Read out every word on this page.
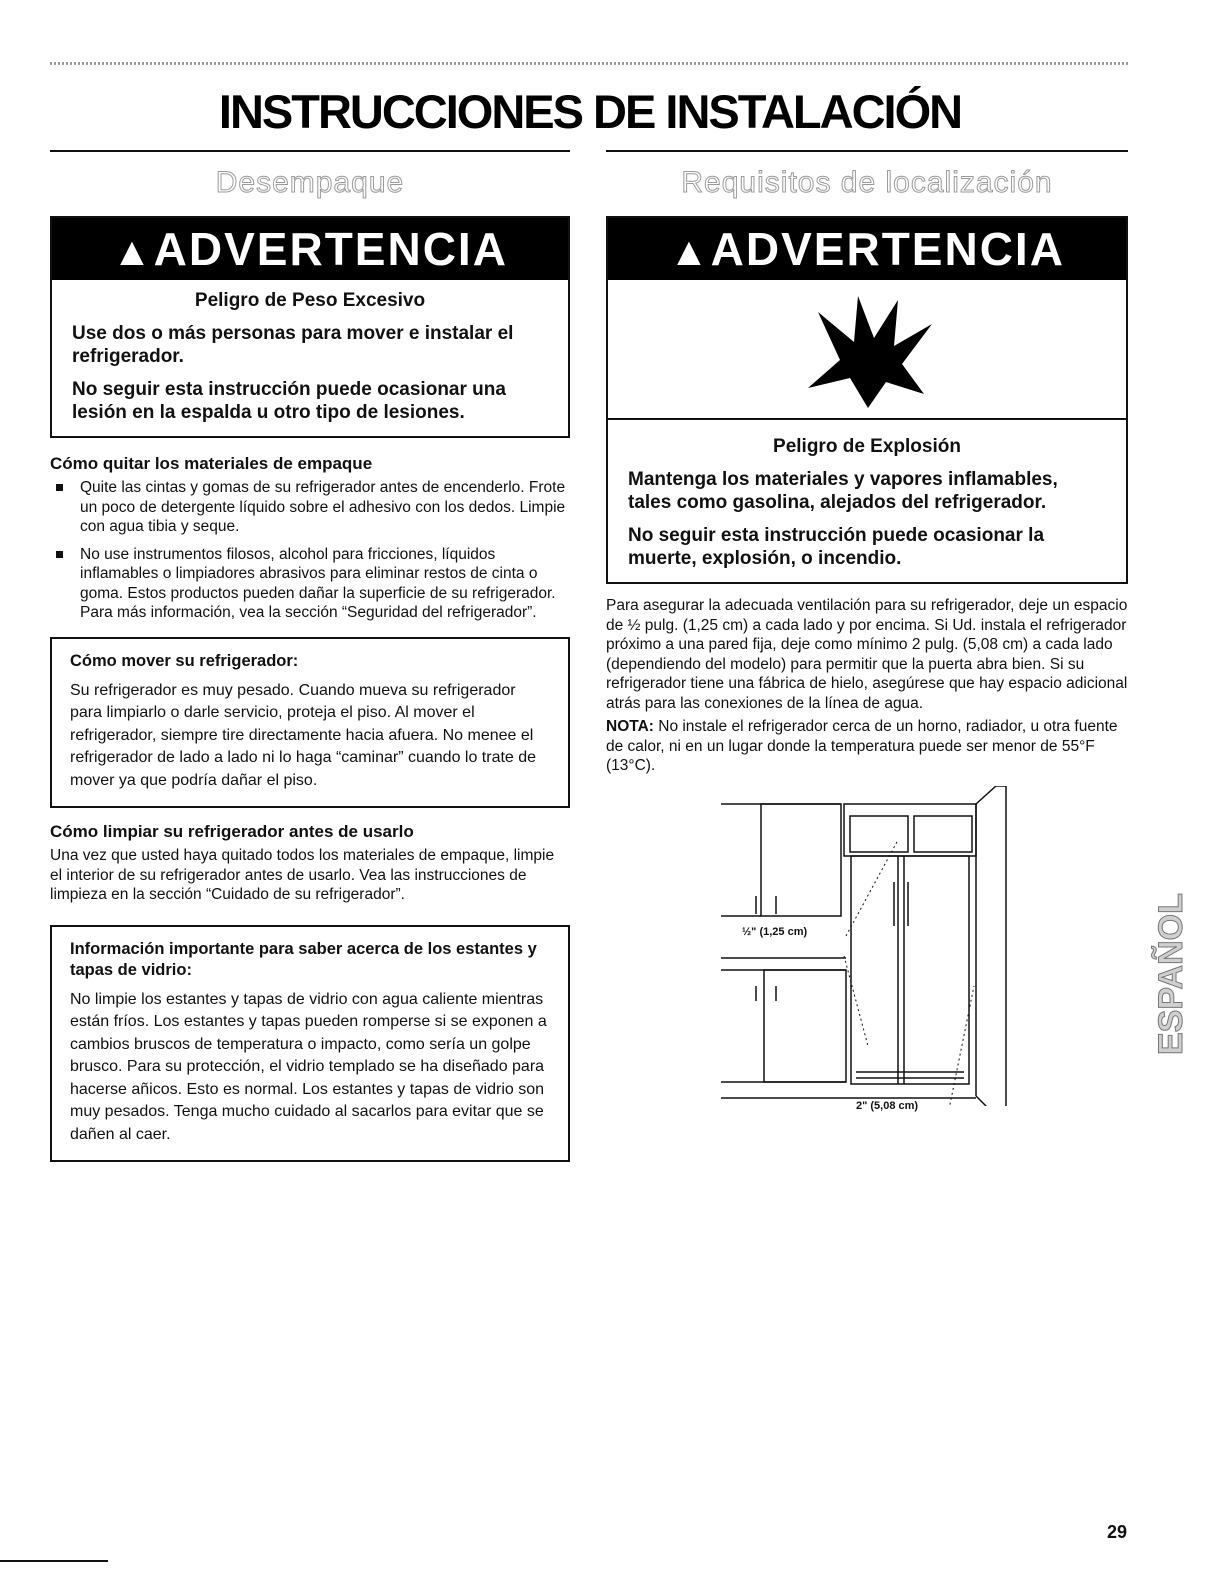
INSTRUCCIONES DE INSTALACIÓN
Desempaque
▲ADVERTENCIA
Peligro de Peso Excesivo
Use dos o más personas para mover e instalar el refrigerador.
No seguir esta instrucción puede ocasionar una lesión en la espalda u otro tipo de lesiones.
Cómo quitar los materiales de empaque
Quite las cintas y gomas de su refrigerador antes de encenderlo. Frote un poco de detergente líquido sobre el adhesivo con los dedos. Limpie con agua tibia y seque.
No use instrumentos filosos, alcohol para fricciones, líquidos inflamables o limpiadores abrasivos para eliminar restos de cinta o goma. Estos productos pueden dañar la superficie de su refrigerador. Para más información, vea la sección “Seguridad del refrigerador”.
Cómo mover su refrigerador:
Su refrigerador es muy pesado. Cuando mueva su refrigerador para limpiarlo o darle servicio, proteja el piso. Al mover el refrigerador, siempre tire directamente hacia afuera. No menee el refrigerador de lado a lado ni lo haga “caminar” cuando lo trate de mover ya que podría dañar el piso.
Cómo limpiar su refrigerador antes de usarlo

Una vez que usted haya quitado todos los materiales de empaque, limpie el interior de su refrigerador antes de usarlo. Vea las instrucciones de limpieza en la sección “Cuidado de su refrigerador”.

Información importante para saber acerca de los estantes y tapas de vidrio:
No limpie los estantes y tapas de vidrio con agua caliente mientras están fríos. Los estantes y tapas pueden romperse si se exponen a cambios bruscos de temperatura o impacto, como sería un golpe brusco. Para su protección, el vidrio templado se ha diseñado para hacerse añicos. Esto es normal. Los estantes y tapas de vidrio son muy pesados. Tenga mucho cuidado al sacarlos para evitar que se dañen al caer.
Requisitos de localización
▲ADVERTENCIA
Peligro de Explosión
Mantenga los materiales y vapores inflamables, tales como gasolina, alejados del refrigerador.
No seguir esta instrucción puede ocasionar la muerte, explosión, o incendio.

Para asegurar la adecuada ventilación para su refrigerador, deje un espacio de ½ pulg. (1,25 cm) a cada lado y por encima. Si Ud. instala el refrigerador próximo a una pared fija, deje como mínimo 2 pulg. (5,08 cm) a cada lado (dependiendo del modelo) para permitir que la puerta abra bien. Si su refrigerador tiene una fábrica de hielo, asegúrese que hay espacio adicional atrás para las conexiones de la línea de agua.

NOTA: No instale el refrigerador cerca de un horno, radiador, u otra fuente de calor, ni en un lugar donde la temperatura puede ser menor de 55°F (13°C).

½" (1,25 cm)
2" (5,08 cm)
ESPAÑOL
29
